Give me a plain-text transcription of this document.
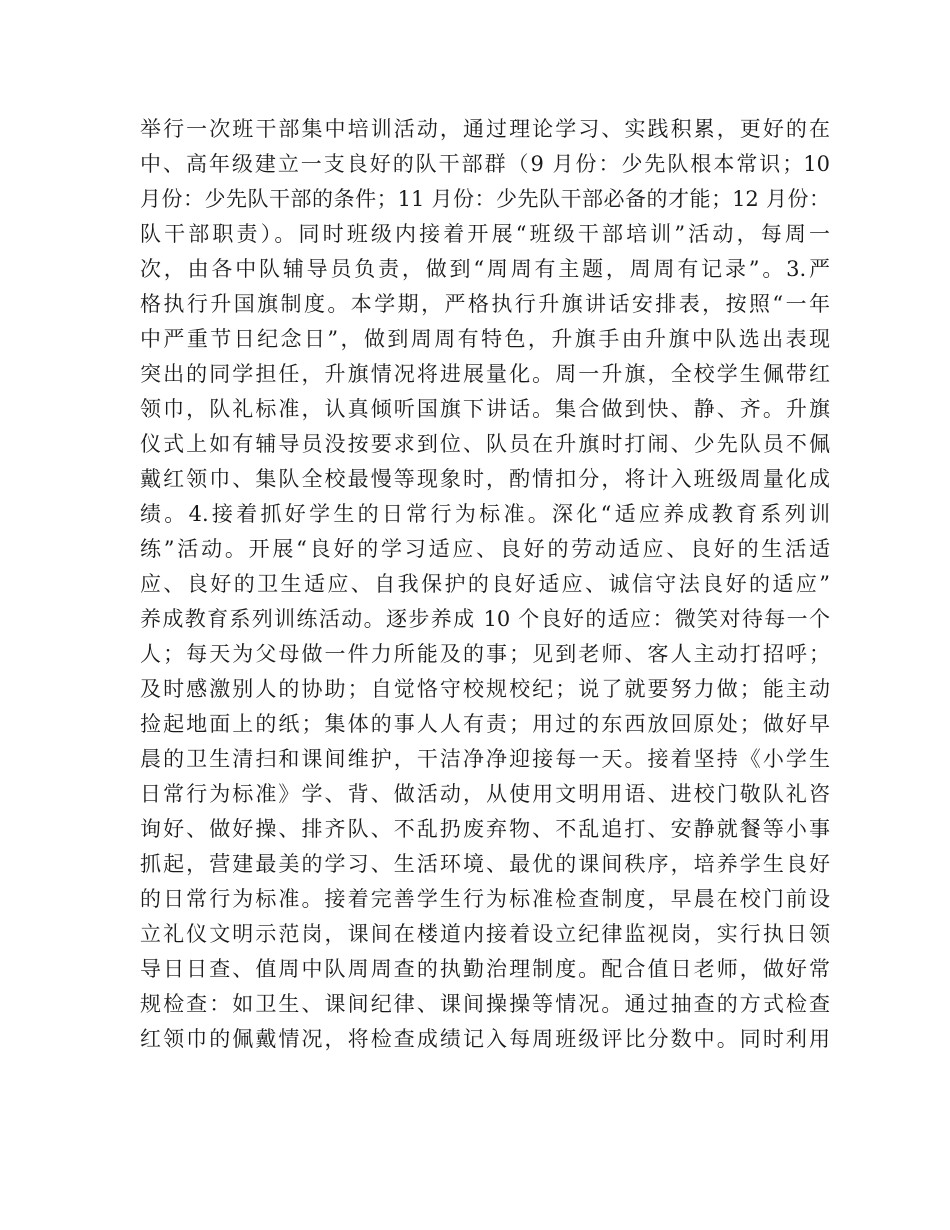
举行一次班干部集中培训活动，通过理论学习、实践积累，更好的在
中、高年级建立一支良好的队干部群（9 月份：少先队根本常识；10
月份：少先队干部的条件；11 月份：少先队干部必备的才能；12 月份：
队干部职责）。同时班级内接着开展“班级干部培训”活动，每周一
次，由各中队辅导员负责，做到“周周有主题，周周有记录”。3.严
格执行升国旗制度。本学期，严格执行升旗讲话安排表，按照“一年
中严重节日纪念日”，做到周周有特色，升旗手由升旗中队选出表现
突出的同学担任，升旗情况将进展量化。周一升旗，全校学生佩带红
领巾，队礼标准，认真倾听国旗下讲话。集合做到快、静、齐。升旗
仪式上如有辅导员没按要求到位、队员在升旗时打闹、少先队员不佩
戴红领巾、集队全校最慢等现象时，酌情扣分，将计入班级周量化成
绩。4.接着抓好学生的日常行为标准。深化“适应养成教育系列训
练”活动。开展“良好的学习适应、良好的劳动适应、良好的生活适
应、良好的卫生适应、自我保护的良好适应、诚信守法良好的适应”
养成教育系列训练活动。逐步养成 10 个良好的适应：微笑对待每一个
人；每天为父母做一件力所能及的事；见到老师、客人主动打招呼；
及时感激别人的协助；自觉恪守校规校纪；说了就要努力做；能主动
捡起地面上的纸；集体的事人人有责；用过的东西放回原处；做好早
晨的卫生清扫和课间维护，干洁净净迎接每一天。接着坚持《小学生
日常行为标准》学、背、做活动，从使用文明用语、进校门敬队礼咨
询好、做好操、排齐队、不乱扔废弃物、不乱追打、安静就餐等小事
抓起，营建最美的学习、生活环境、最优的课间秩序，培养学生良好
的日常行为标准。接着完善学生行为标准检查制度，早晨在校门前设
立礼仪文明示范岗，课间在楼道内接着设立纪律监视岗，实行执日领
导日日查、值周中队周周查的执勤治理制度。配合值日老师，做好常
规检查：如卫生、课间纪律、课间操操等情况。通过抽查的方式检查
红领巾的佩戴情况，将检查成绩记入每周班级评比分数中。同时利用
